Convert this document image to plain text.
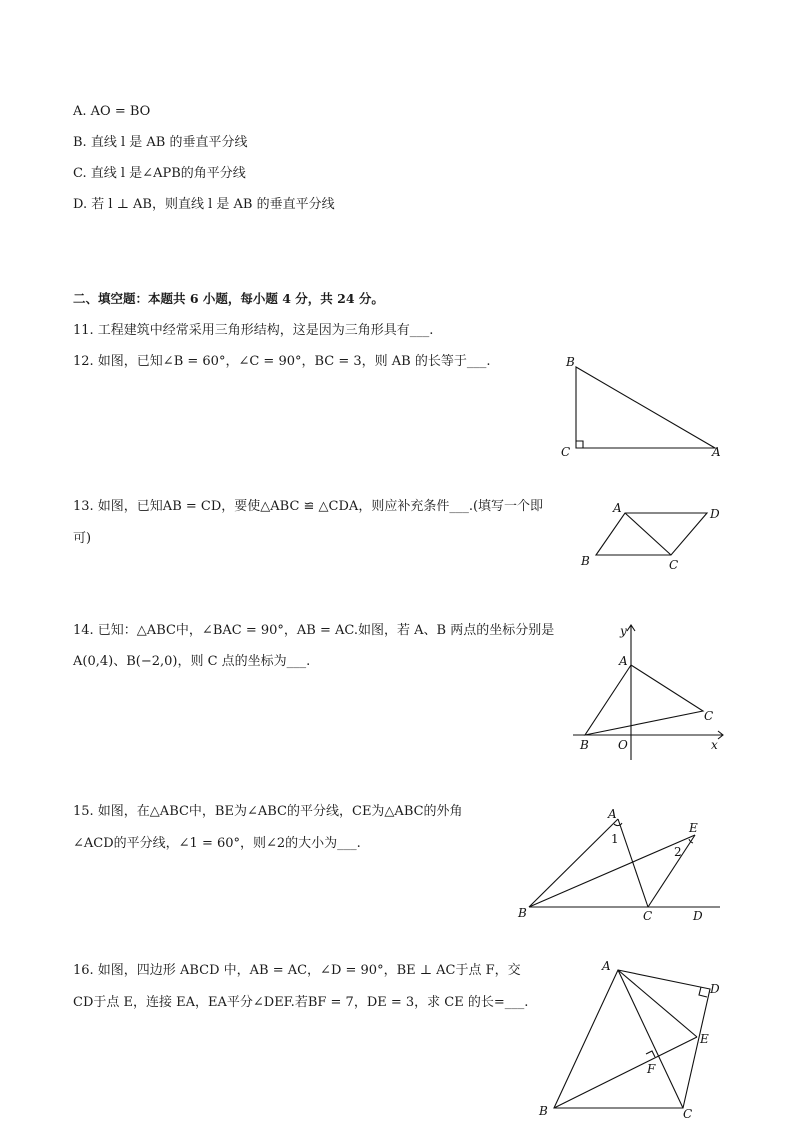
A. AO = BO
B. 直线 l 是 AB 的垂直平分线
C. 直线 l 是∠APB的角平分线
D. 若 l ⊥ AB，则直线 l 是 AB 的垂直平分线
二、填空题：本题共 6 小题，每小题 4 分，共 24 分。
11. 工程建筑中经常采用三角形结构，这是因为三角形具有___.
12. 如图，已知∠B = 60°，∠C = 90°，BC = 3，则 AB 的长等于___.
13. 如图，已知AB = CD，要使△ABC ≌ △CDA，则应补充条件___.(填写一个即
可)
14. 已知：△ABC中，∠BAC = 90°，AB = AC.如图，若 A、B 两点的坐标分别是
A(0,4)、B(−2,0)，则 C 点的坐标为___.
15. 如图，在△ABC中，BE为∠ABC的平分线，CE为△ABC的外角
∠ACD的平分线，∠1 = 60°，则∠2的大小为___.
16. 如图，四边形 ABCD 中，AB = AC，∠D = 90°，BE ⊥ AC于点 F，交
CD于点 E，连接 EA，EA平分∠DEF.若BF = 7，DE = 3，求 CE 的长=___.
B
C	A
A	D
B	C
y
A
C
B O	x
A
E
1
2
B	C	D
A
D
E
F
B	C
